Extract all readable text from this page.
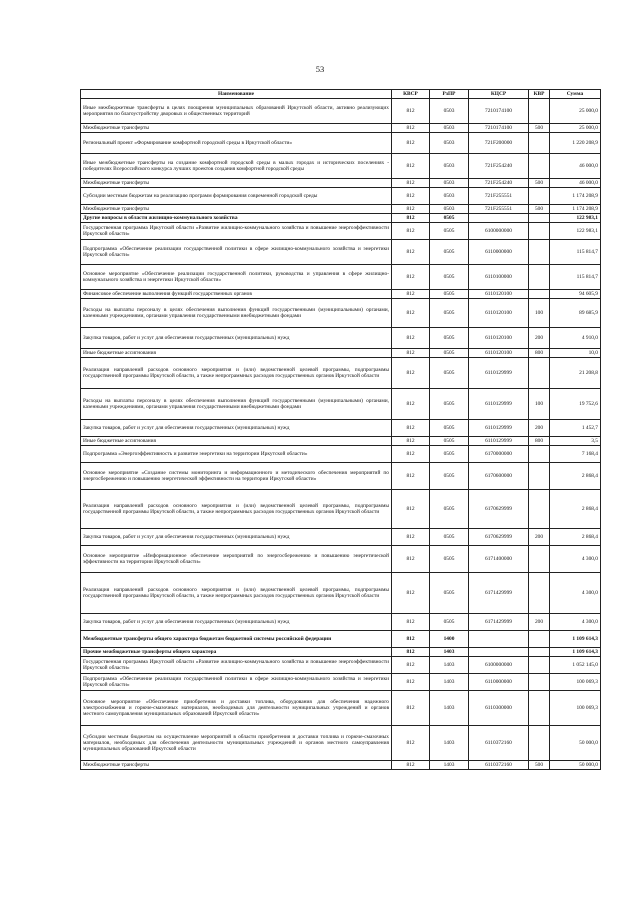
53
Наименование	КВСР	РзПР	КЦСР	КВР	Сумма
Иные межбюджетные трансферты в целях поощрения муниципальных образований Иркутской области, активно реализующих мероприятия по благоустройству дворовых и общественных территорий	812	0503	7210174100		25 000,0
Межбюджетные трансферты	812	0503	7210174100	500	25 000,0
Региональный проект «Формирование комфортной городской среды в Иркутской области»	812	0503	721F200000		1 220 208,9
Иные межбюджетные трансферты на создание комфортной городской среды в малых городах и исторических поселениях - победителях Всероссийского конкурса лучших проектов создания комфортной городской среды	812	0503	721F254240		46 000,0
Межбюджетные трансферты	812	0503	721F254240	500	46 000,0
Субсидии местным бюджетам на реализацию программ формирования современной городской среды	812	0503	721F255551		1 174 208,9
Межбюджетные трансферты	812	0503	721F255551	500	1 174 208,9
Другие вопросы в области жилищно-коммунального хозяйства	812	0505			122 983,1
Государственная программа Иркутской области «Развитие жилищно-коммунального хозяйства и повышение энергоэффективности Иркутской области»	812	0505	6100000000		122 983,1
Подпрограмма «Обеспечение реализации государственной политики в сфере жилищно-коммунального хозяйства и энергетики Иркутской области»	812	0505	6110000000		115 814,7
Основное мероприятие «Обеспечение реализации государственной политики, руководства и управления в сфере жилищно-коммунального хозяйства и энергетики Иркутской области»	812	0505	6110100000		115 814,7
Финансовое обеспечение выполнения функций государственных органов	812	0505	6110120100		94 605,9
Расходы на выплаты персоналу в целях обеспечения выполнения функций государственными (муниципальными) органами, казенными учреждениями, органами управления государственными внебюджетными фондами	812	0505	6110120100	100	89 685,9
Закупка товаров, работ и услуг для обеспечения государственных (муниципальных) нужд	812	0505	6110120100	200	4 910,0
Иные бюджетные ассигнования	812	0505	6110120100	800	10,0
Реализация направлений расходов основного мероприятия и (или) ведомственной целевой программы, подпрограммы государственной программы Иркутской области, а также непрограммных расходов государственных органов Иркутской области	812	0505	6110129999		21 208,8
Расходы на выплаты персоналу в целях обеспечения выполнения функций государственными (муниципальными) органами, казенными учреждениями, органами управления государственными внебюджетными фондами	812	0505	6110129999	100	19 752,6
Закупка товаров, работ и услуг для обеспечения государственных (муниципальных) нужд	812	0505	6110129999	200	1 452,7
Иные бюджетные ассигнования	812	0505	6110129999	800	3,5
Подпрограмма «Энергоэффективность и развитие энергетики на территории Иркутской области»	812	0505	6170000000		7 168,4
Основное мероприятие «Создание системы мониторинга и информационного и методического обеспечения мероприятий по энергосбережению и повышению энергетической эффективности на территории Иркутской области»	812	0505	6170600000		2 868,4
Реализация направлений расходов основного мероприятия и (или) ведомственной целевой программы, подпрограммы государственной программы Иркутской области, а также непрограммных расходов государственных органов Иркутской области	812	0505	6170629999		2 868,4
Закупка товаров, работ и услуг для обеспечения государственных (муниципальных) нужд	812	0505	6170629999	200	2 868,4
Основное мероприятие «Информационное обеспечение мероприятий по энергосбережению и повышению энергетической эффективности на территории Иркутской области»	812	0505	6171400000		4 300,0
Реализация направлений расходов основного мероприятия и (или) ведомственной целевой программы, подпрограммы государственной программы Иркутской области, а также непрограммных расходов государственных органов Иркутской области	812	0505	6171429999		4 300,0
Закупка товаров, работ и услуг для обеспечения государственных (муниципальных) нужд	812	0505	6171429999	200	4 300,0
Межбюджетные трансферты общего характера бюджетам бюджетной системы российской федерации	812	1400			1 109 614,3
Прочие межбюджетные трансферты общего характера	812	1403			1 109 614,3
Государственная программа Иркутской области «Развитие жилищно-коммунального хозяйства и повышение энергоэффективности Иркутской области»	812	1403	6100000000		1 052 145,0
Подпрограмма «Обеспечение реализации государственной политики в сфере жилищно-коммунального хозяйства и энергетики Иркутской области»	812	1403	6110000000		100 069,3
Основное мероприятие «Обеспечение приобретения и доставки топлива, оборудования для обеспечения надежного электроснабжения и горюче-смазочных материалов, необходимых для деятельности муниципальных учреждений и органов местного самоуправления муниципальных образований Иркутской области»	812	1403	6110300000		100 069,3
Субсидии местным бюджетам на осуществление мероприятий в области приобретения и доставки топлива и горюче-смазочных материалов, необходимых для обеспечения деятельности муниципальных учреждений и органов местного самоуправления муниципальных образований Иркутской области	812	1403	6110372160		50 000,0
Межбюджетные трансферты	812	1403	6110372160	500	50 000,0
